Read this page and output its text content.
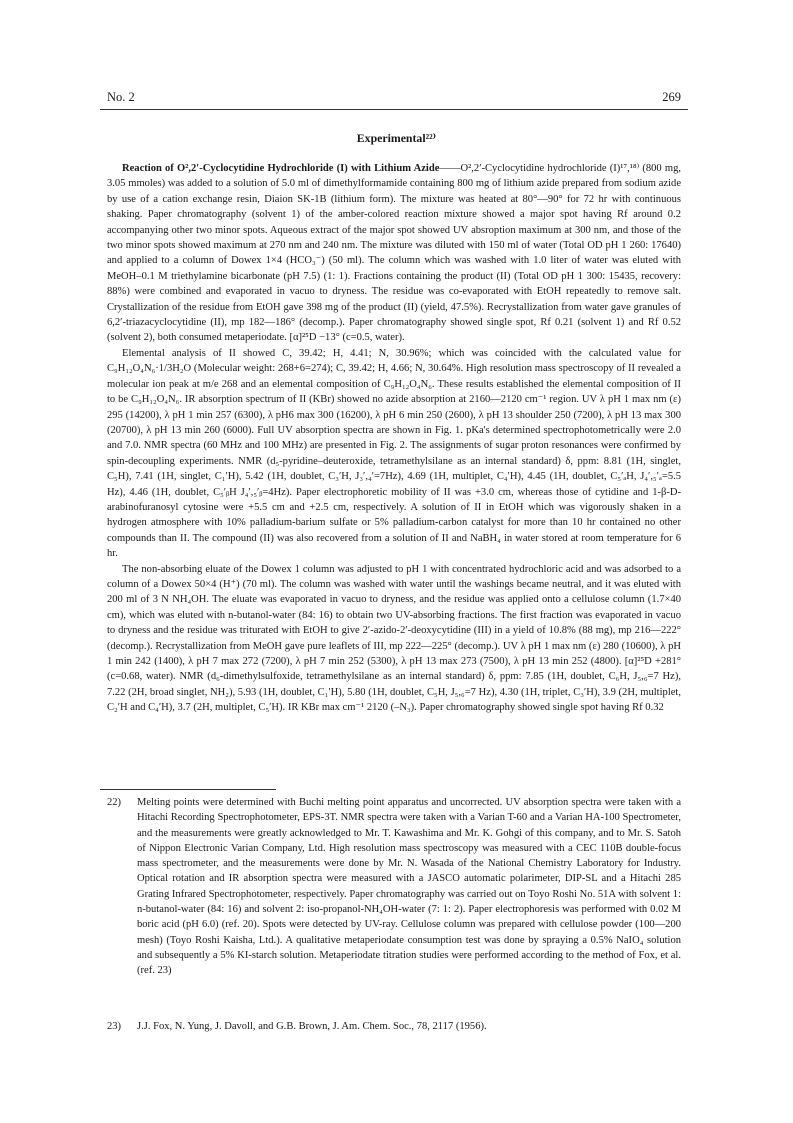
No. 2	269
Experimental²²⁾

Reaction of O²,2′-Cyclocytidine Hydrochloride (I) with Lithium Azide——O²,2′-Cyclocytidine hydrochloride (I)¹⁷,¹⁸⁾ (800 mg, 3.05 mmoles) was added to a solution of 5.0 ml of dimethylformamide containing 800 mg of lithium azide prepared from sodium azide by use of a cation exchange resin, Diaion SK-1B (lithium form). The mixture was heated at 80°—90° for 72 hr with continuous shaking. Paper chromatography (solvent 1) of the amber-colored reaction mixture showed a major spot having Rf around 0.2 accompanying other two minor spots. Aqueous extract of the major spot showed UV absroption maximum at 300 nm, and those of the two minor spots showed maximum at 270 nm and 240 nm. The mixture was diluted with 150 ml of water (Total OD pH 1 260: 17640) and applied to a column of Dowex 1×4 (HCO₃⁻) (50 ml). The column which was washed with 1.0 liter of water was eluted with MeOH–0.1 M triethylamine bicarbonate (pH 7.5) (1: 1). Fractions containing the product (II) (Total OD pH 1 300: 15435, recovery: 88%) were combined and evaporated in vacuo to dryness. The residue was co-evaporated with EtOH repeatedly to remove salt. Crystallization of the residue from EtOH gave 398 mg of the product (II) (yield, 47.5%). Recrystallization from water gave granules of 6,2′-triazacyclocytidine (II), mp 182—186° (decomp.). Paper chromatography showed single spot, Rf 0.21 (solvent 1) and Rf 0.52 (solvent 2), both consumed metaperiodate. [α]²⁵D −13° (c=0.5, water).

Elemental analysis of II showed C, 39.42; H, 4.41; N, 30.96%; which was coincided with the calculated value for C₉H₁₂O₄N₆·1/3H₂O (Molecular weight: 268+6=274); C, 39.42; H, 4.66; N, 30.64%. High resolution mass spectroscopy of II revealed a molecular ion peak at m/e 268 and an elemental composition of C₉H₁₂O₄N₆. These results established the elemental composition of II to be C₉H₁₂O₄N₆. IR absorption spectrum of II (KBr) showed no azide absorption at 2160—2120 cm⁻¹ region. UV λ pH 1 max nm (ε) 295 (14200), λ pH 1 min 257 (6300), λ pH6 max 300 (16200), λ pH 6 min 250 (2600), λ pH 13 shoulder 250 (7200), λ pH 13 max 300 (20700), λ pH 13 min 260 (6000). Full UV absorption spectra are shown in Fig. 1. pKa's determined spectrophotometrically were 2.0 and 7.0. NMR spectra (60 MHz and 100 MHz) are presented in Fig. 2. The assignments of sugar proton resonances were confirmed by spin-decoupling experiments. NMR (d₅-pyridine–deuteroxide, tetramethylsilane as an internal standard) δ, ppm: 8.81 (1H, singlet, C₅H), 7.41 (1H, singlet, C₁′H), 5.42 (1H, doublet, C₃′H, J₃′,₄′=7Hz), 4.69 (1H, multiplet, C₄′H), 4.45 (1H, doublet, C₅′ₐH, J₄′,₅′ₐ=5.5 Hz), 4.46 (1H, doublet, C₅′ᵦH J₄′,₅′ᵦ=4Hz). Paper electrophoretic mobility of II was +3.0 cm, whereas those of cytidine and 1-β-D-arabinofuranosyl cytosine were +5.5 cm and +2.5 cm, respectively. A solution of II in EtOH which was vigorously shaken in a hydrogen atmosphere with 10% palladium-barium sulfate or 5% palladium-carbon catalyst for more than 10 hr contained no other compounds than II. The compound (II) was also recovered from a solution of II and NaBH₄ in water stored at room temperature for 6 hr.

The non-absorbing eluate of the Dowex 1 column was adjusted to pH 1 with concentrated hydrochloric acid and was adsorbed to a column of a Dowex 50×4 (H⁺) (70 ml). The column was washed with water until the washings became neutral, and it was eluted with 200 ml of 3 N NH₄OH. The eluate was evaporated in vacuo to dryness, and the residue was applied onto a cellulose column (1.7×40 cm), which was eluted with n-butanol-water (84: 16) to obtain two UV-absorbing fractions. The first fraction was evaporated in vacuo to dryness and the residue was triturated with EtOH to give 2′-azido-2′-deoxycytidine (III) in a yield of 10.8% (88 mg), mp 216—222° (decomp.). Recrystallization from MeOH gave pure leaflets of III, mp 222—225° (decomp.). UV λ pH 1 max nm (ε) 280 (10600), λ pH 1 min 242 (1400), λ pH 7 max 272 (7200), λ pH 7 min 252 (5300), λ pH 13 max 273 (7500), λ pH 13 min 252 (4800). [α]²⁵D +281° (c=0.68, water). NMR (d₆-dimethylsulfoxide, tetramethylsilane as an internal standard) δ, ppm: 7.85 (1H, doublet, C₆H, J₅,₆=7 Hz), 7.22 (2H, broad singlet, NH₂), 5.93 (1H, doublet, C₁′H), 5.80 (1H, doublet, C₅H, J₅,₆=7 Hz), 4.30 (1H, triplet, C₃′H), 3.9 (2H, multiplet, C₂′H and C₄′H), 3.7 (2H, multiplet, C₅′H). IR KBr max cm⁻¹ 2120 (–N₃). Paper chromatography showed single spot having Rf 0.32

22) Melting points were determined with Buchi melting point apparatus and uncorrected. UV absorption spectra were taken with a Hitachi Recording Spectrophotometer, EPS-3T. NMR spectra were taken with a Varian T-60 and a Varian HA-100 Spectrometer, and the measurements were greatly acknowledged to Mr. T. Kawashima and Mr. K. Gohgi of this company, and to Mr. S. Satoh of Nippon Electronic Varian Company, Ltd. High resolution mass spectroscopy was measured with a CEC 110B double-focus mass spectrometer, and the measurements were done by Mr. N. Wasada of the National Chemistry Laboratory for Industry. Optical rotation and IR absorption spectra were measured with a JASCO automatic polarimeter, DIP-SL and a Hitachi 285 Grating Infrared Spectrophotometer, respectively. Paper chromatography was carried out on Toyo Roshi No. 51A with solvent 1: n-butanol-water (84: 16) and solvent 2: iso-propanol-NH₄OH-water (7: 1: 2). Paper electrophoresis was performed with 0.02 M boric acid (pH 6.0) (ref. 20). Spots were detected by UV-ray. Cellulose column was prepared with cellulose powder (100—200 mesh) (Toyo Roshi Kaisha, Ltd.). A qualitative metaperiodate consumption test was done by spraying a 0.5% NaIO₄ solution and subsequently a 5% KI-starch solution. Metaperiodate titration studies were performed according to the method of Fox, et al. (ref. 23)
23) J.J. Fox, N. Yung, J. Davoll, and G.B. Brown, J. Am. Chem. Soc., 78, 2117 (1956).
